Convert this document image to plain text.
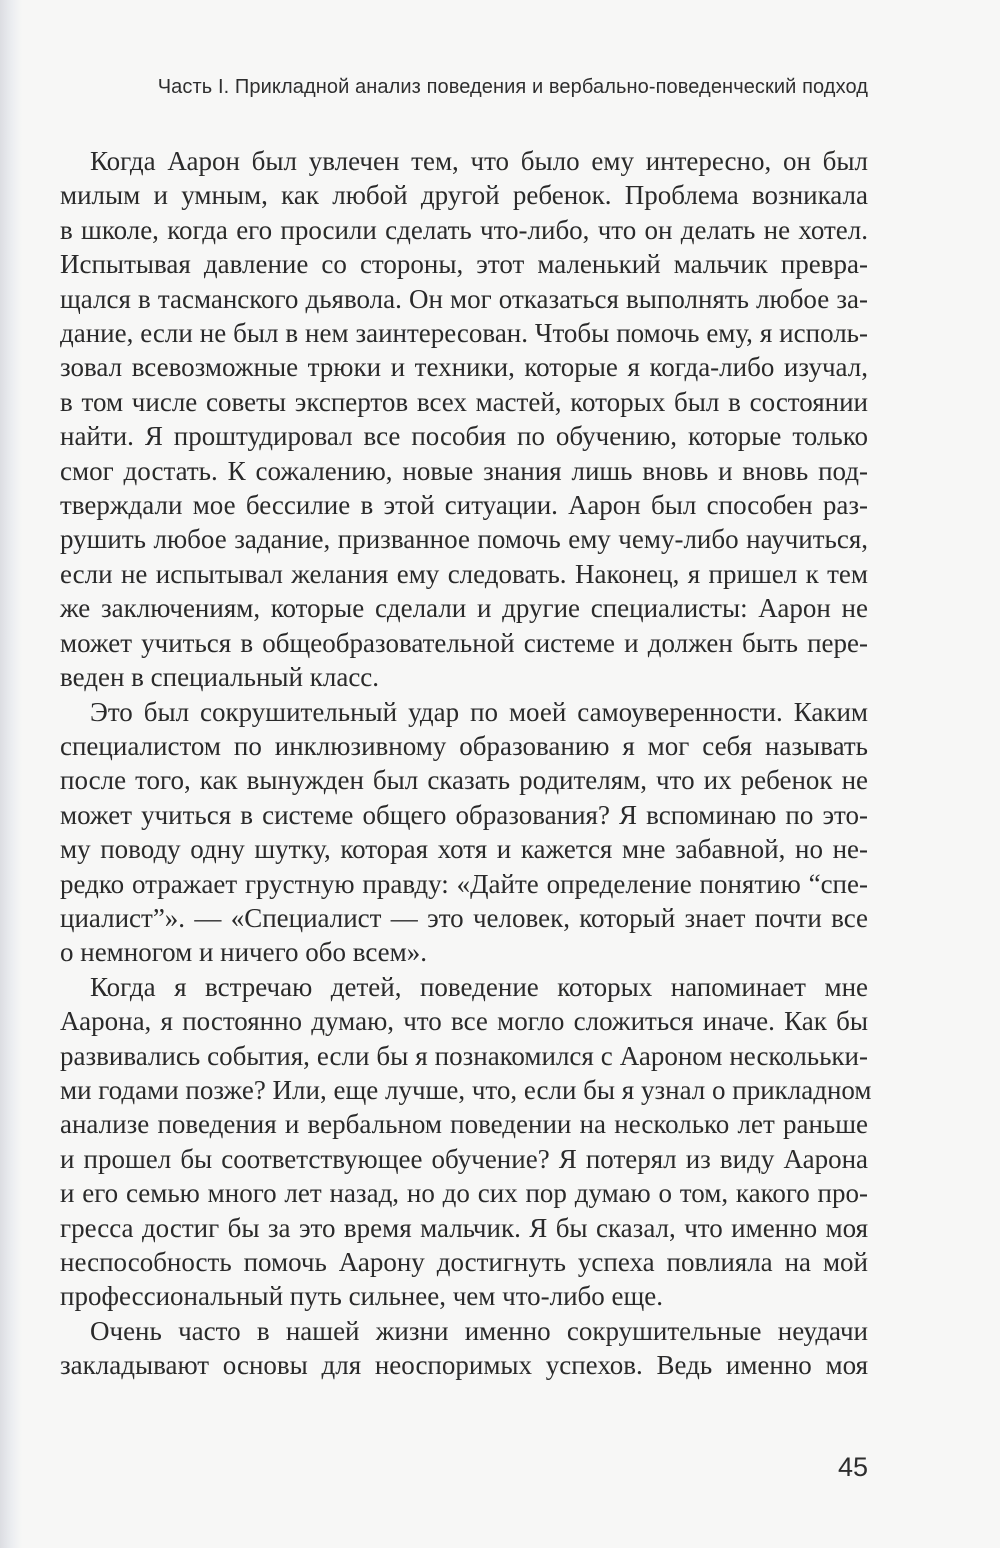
Часть I. Прикладной анализ поведения и вербально-поведенческий подход
Когда Аарон был увлечен тем, что было ему интересно, он был
милым и умным, как любой другой ребенок. Проблема возникала
в школе, когда его просили сделать что-либо, что он делать не хотел.
Испытывая давление со стороны, этот маленький мальчик превра-
щался в тасманского дьявола. Он мог отказаться выполнять любое за-
дание, если не был в нем заинтересован. Чтобы помочь ему, я исполь-
зовал всевозможные трюки и техники, которые я когда-либо изучал,
в том числе советы экспертов всех мастей, которых был в состоянии
найти. Я проштудировал все пособия по обучению, которые только
смог достать. К сожалению, новые знания лишь вновь и вновь под-
тверждали мое бессилие в этой ситуации. Аарон был способен раз-
рушить любое задание, призванное помочь ему чему-либо научиться,
если не испытывал желания ему следовать. Наконец, я пришел к тем
же заключениям, которые сделали и другие специалисты: Аарон не
может учиться в общеобразовательной системе и должен быть пере-
веден в специальный класс.
Это был сокрушительный удар по моей самоуверенности. Каким
специалистом по инклюзивному образованию я мог себя называть
после того, как вынужден был сказать родителям, что их ребенок не
может учиться в системе общего образования? Я вспоминаю по это-
му поводу одну шутку, которая хотя и кажется мне забавной, но не-
редко отражает грустную правду: «Дайте определение понятию “спе-
циалист”». — «Специалист — это человек, который знает почти все
о немногом и ничего обо всем».
Когда я встречаю детей, поведение которых напоминает мне
Аарона, я постоянно думаю, что все могло сложиться иначе. Как бы
развивались события, если бы я познакомился с Аароном несколььки-
ми годами позже? Или, еще лучше, что, если бы я узнал о прикладном
анализе поведения и вербальном поведении на несколько лет раньше
и прошел бы соответствующее обучение? Я потерял из виду Аарона
и его семью много лет назад, но до сих пор думаю о том, какого про-
гресса достиг бы за это время мальчик. Я бы сказал, что именно моя
неспособность помочь Аарону достигнуть успеха повлияла на мой
профессиональный путь сильнее, чем что-либо еще.
Очень часто в нашей жизни именно сокрушительные неудачи
закладывают основы для неоспоримых успехов. Ведь именно моя
45
